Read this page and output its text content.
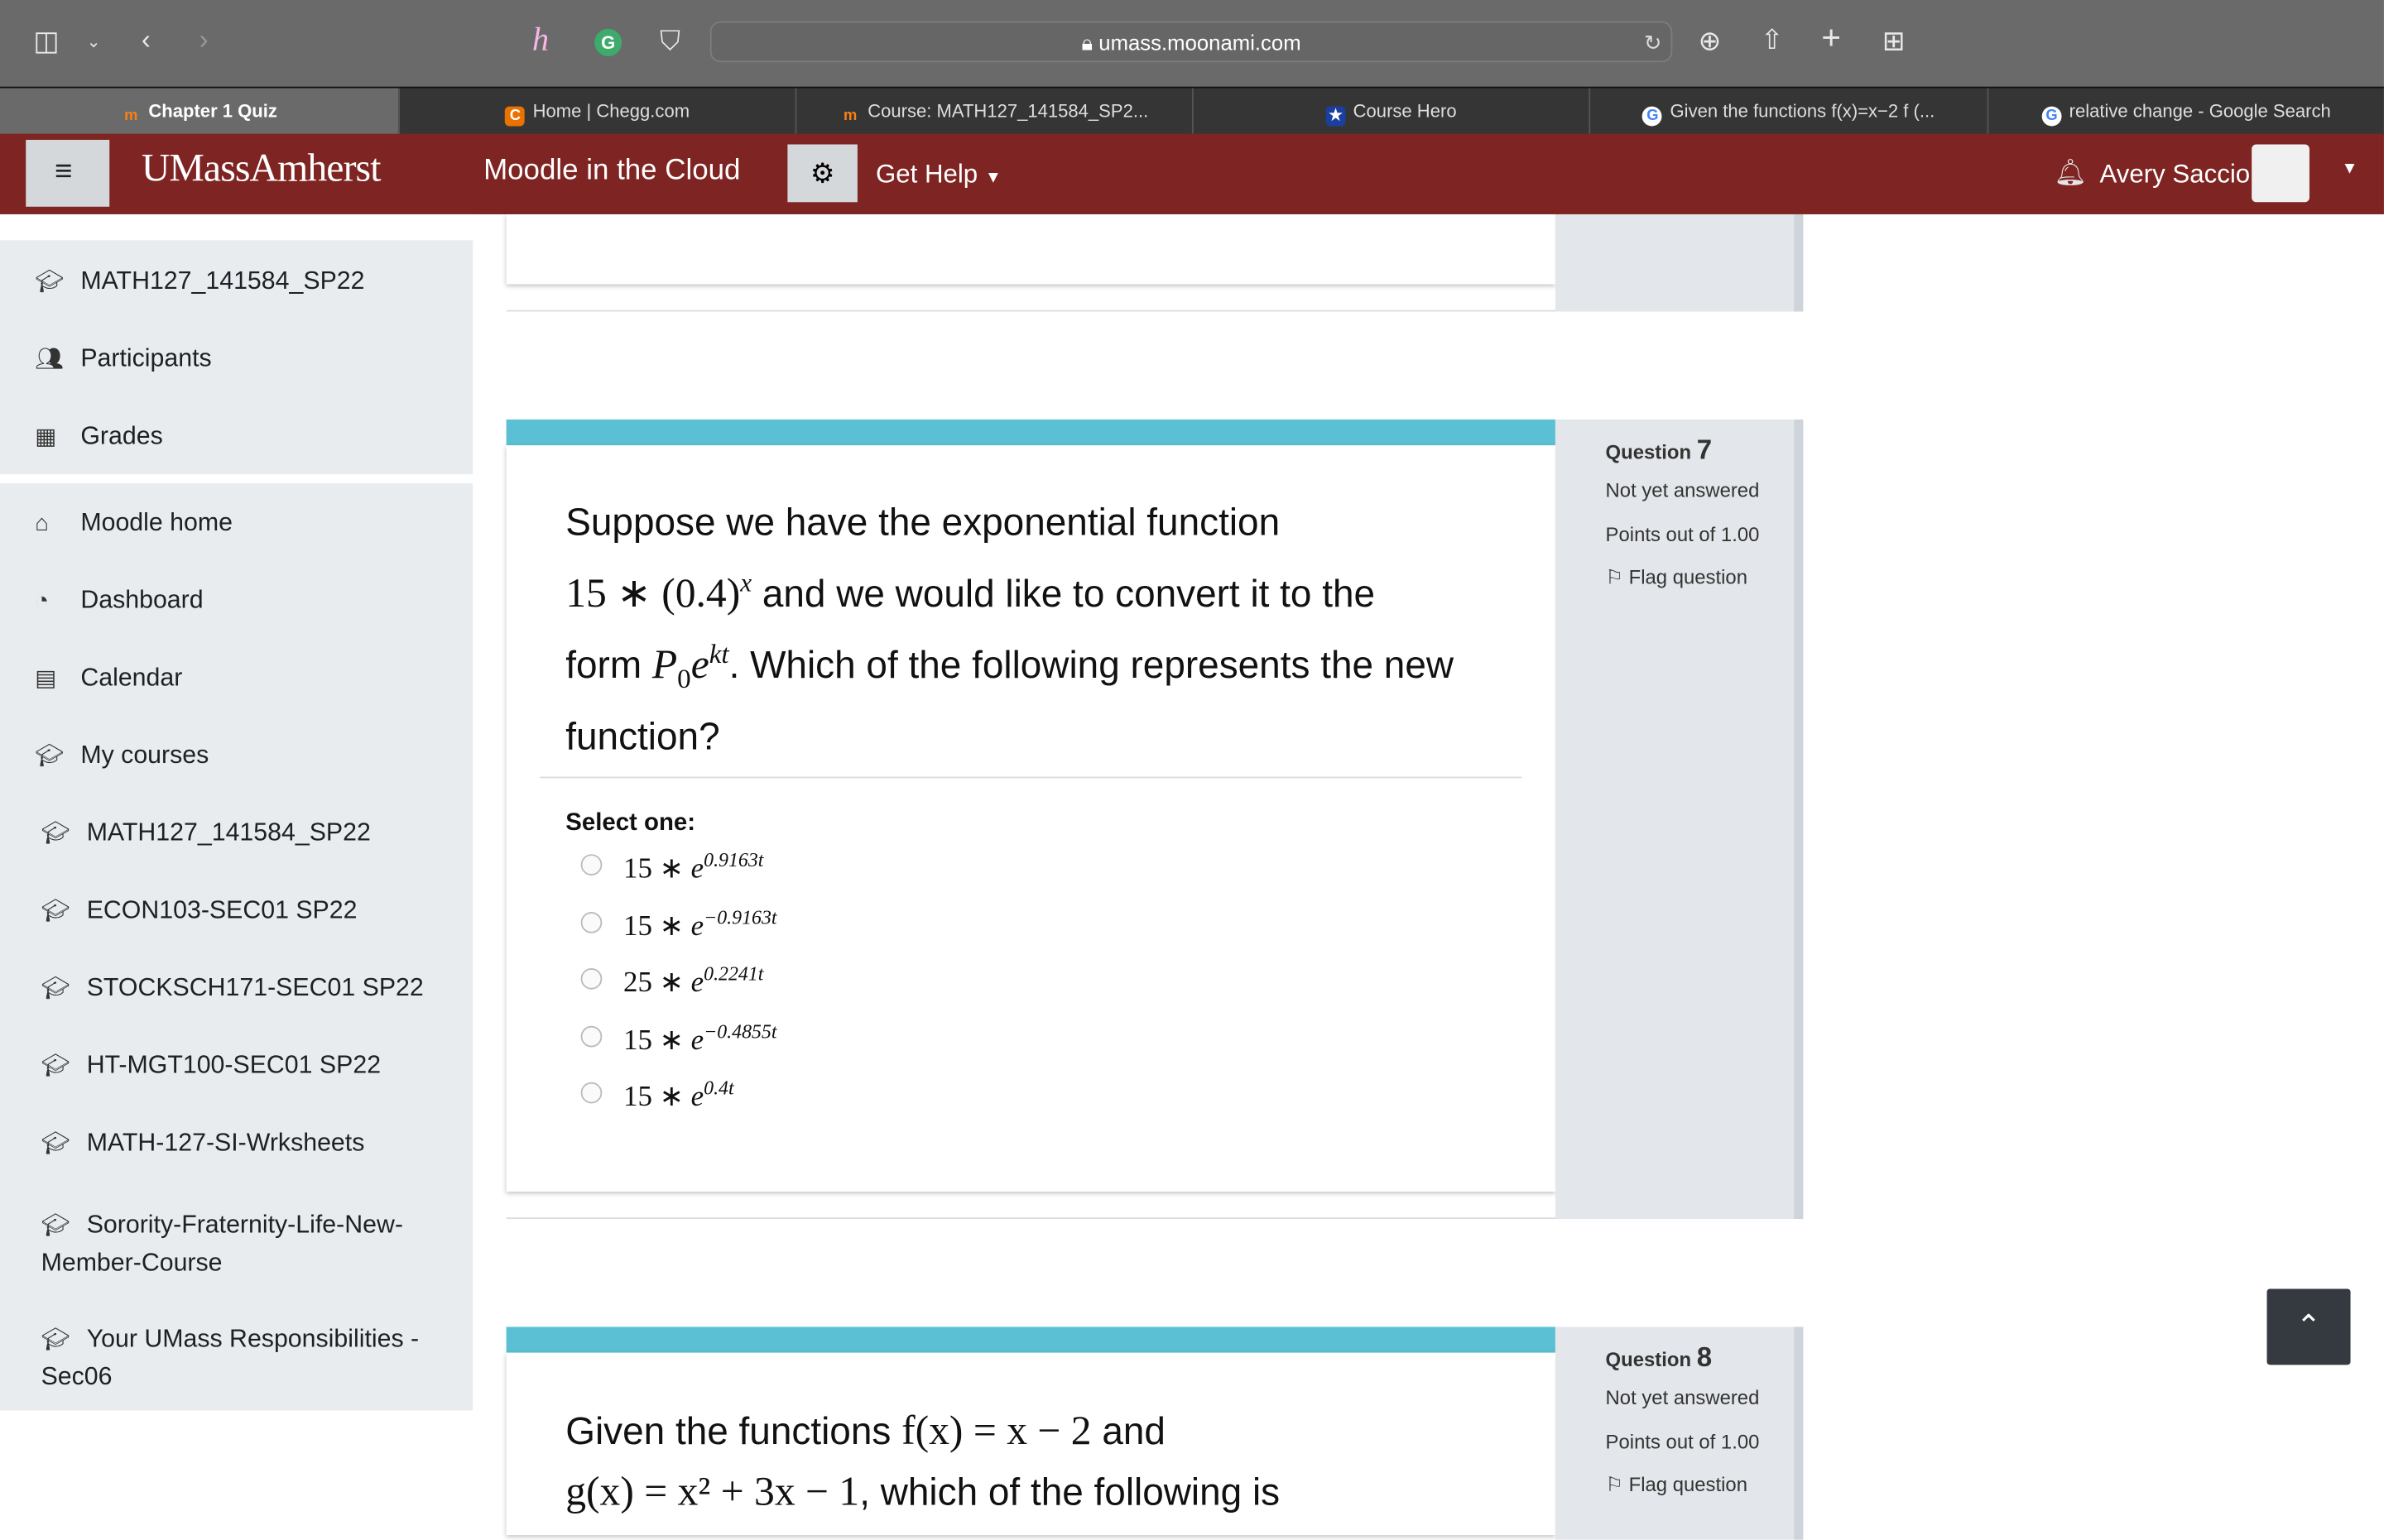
◫	⌄	‹	›	h	G	⛉	🔒︎ umass.moonami.com	↻ ⊕	⇧ +	⊞
m Chapter 1 Quiz	C Home | Chegg.com	m Course: MATH127_141584_SP2...	★ Course Hero	G Given the functions f(x)=x−2 f (...	G relative change - Google Search
≡	UMassAmherst	Moodle in the Cloud	⚙	Get Help ▼	🔔︎ Avery Saccio	▼
🎓︎ MATH127_141584_SP22
👥︎ Participants
▦ Grades
⌂ Moodle home
◔ Dashboard
▤ Calendar
🎓︎ My courses
🎓︎ MATH127_141584_SP22
🎓︎ ECON103-SEC01 SP22
🎓︎ STOCKSCH171-SEC01 SP22
🎓︎ HT-MGT100-SEC01 SP22
🎓︎ MATH-127-SI-Wrksheets
🎓︎ Sorority-Fraternity-Life-New-
Member-Course
🎓︎ Your UMass Responsibilities -
Sec06
Suppose we have the exponential function
15 ∗ $(0.4)^x$ and we would like to convert it to the
form $P_0e^{kt}$. Which of the following represents the new
function?
Select one:
15 ∗ $e^{0.9163t}$
15 ∗ $e^{-0.9163t}$
25 ∗ $e^{0.2241t}$
15 ∗ $e^{-0.4855t}$
15 ∗ $e^{0.4t}$
Question 7
Not yet answered
Points out of 1.00
⚐ Flag question
Given the functions f(x) = x − 2 and
g(x) = x² + 3x − 1, which of the following is
Question 8
Not yet answered
Points out of 1.00
⚐ Flag question
⌃
